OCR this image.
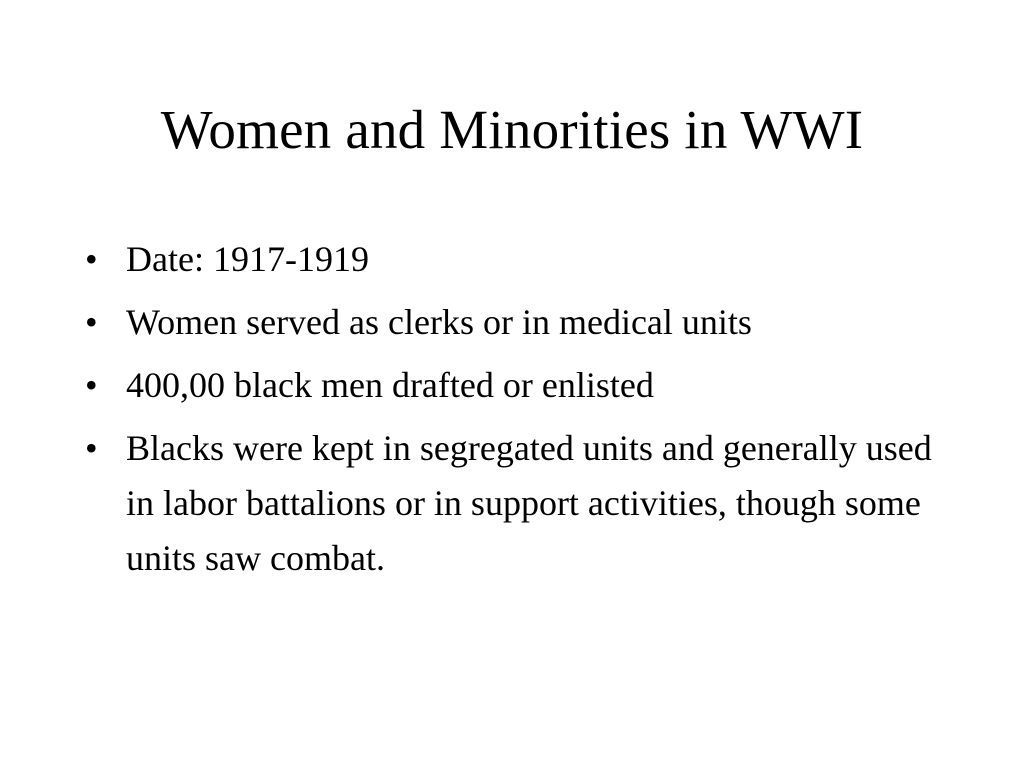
Women and Minorities in WWI
• Date: 1917-1919
• Women served as clerks or in medical units
• 400,00 black men drafted or enlisted
• Blacks were kept in segregated units and generally used in labor battalions or in support activities, though some units saw combat.
